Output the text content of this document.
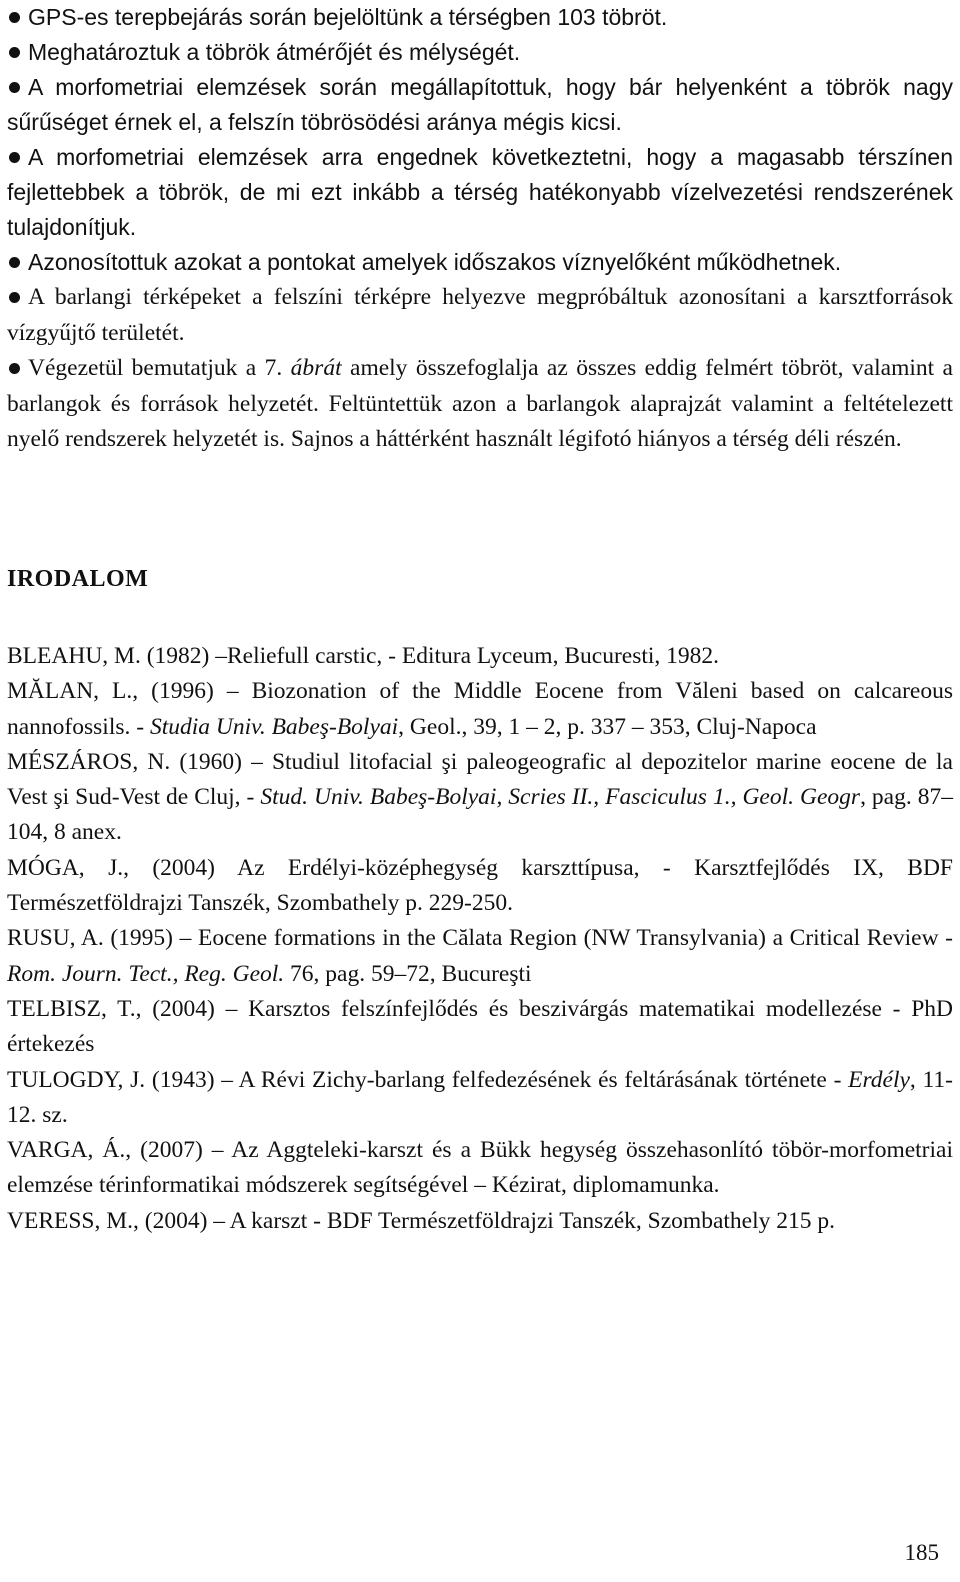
GPS-es terepbejárás során bejelöltünk a térségben 103 töbröt.

Meghatároztuk a töbrök átmérőjét és mélységét.

A morfometriai elemzések során megállapítottuk, hogy bár helyenként a töbrök nagy sűrűséget érnek el, a felszín töbrösödési aránya mégis kicsi.

A morfometriai elemzések arra engednek következtetni, hogy a magasabb térszínen fejlettebbek a töbrök, de mi ezt inkább a térség hatékonyabb vízelvezetési rendszerének tulajdonítjuk.

Azonosítottuk azokat a pontokat amelyek időszakos víznyelőként működhetnek.

A barlangi térképeket a felszíni térképre helyezve megpróbáltuk azonosítani a karsztforrások vízgyűjtő területét.

Végezetül bemutatjuk a 7. ábrát amely összefoglalja az összes eddig felmért töbröt, valamint a barlangok és források helyzetét. Feltüntettük azon a barlangok alaprajzát valamint a feltételezett nyelő rendszerek helyzetét is. Sajnos a háttérként használt légifotó hiányos a térség déli részén.

IRODALOM

BLEAHU, M. (1982) –Reliefull carstic, - Editura Lyceum, Bucuresti, 1982.

MĂLAN, L., (1996) – Biozonation of the Middle Eocene from Văleni based on calcareous nannofossils. - Studia Univ. Babeş-Bolyai, Geol., 39, 1 – 2, p. 337 – 353, Cluj-Napoca

MÉSZÁROS, N. (1960) – Studiul litofacial şi paleogeografic al depozitelor marine eocene de la Vest şi Sud-Vest de Cluj, - Stud. Univ. Babeş-Bolyai, Scries II., Fasciculus 1., Geol. Geogr, pag. 87–104, 8 anex.

MÓGA, J., (2004) Az Erdélyi-középhegység karszttípusa, - Karsztfejlődés IX, BDF Természetföldrajzi Tanszék, Szombathely p. 229-250.

RUSU, A. (1995) – Eocene formations in the Călata Region (NW Transylvania) a Critical Review - Rom. Journ. Tect., Reg. Geol. 76, pag. 59–72, Bucureşti

TELBISZ, T., (2004) – Karsztos felszínfejlődés és beszivárgás matematikai modellezése - PhD értekezés

TULOGDY, J. (1943) – A Révi Zichy-barlang felfedezésének és feltárásának története - Erdély, 11-12. sz.

VARGA, Á., (2007) – Az Aggteleki-karszt és a Bükk hegység összehasonlító töbör-morfometriai elemzése térinformatikai módszerek segítségével – Kézirat, diplomamunka.

VERESS, M., (2004) – A karszt - BDF Természetföldrajzi Tanszék, Szombathely 215 p.

185
